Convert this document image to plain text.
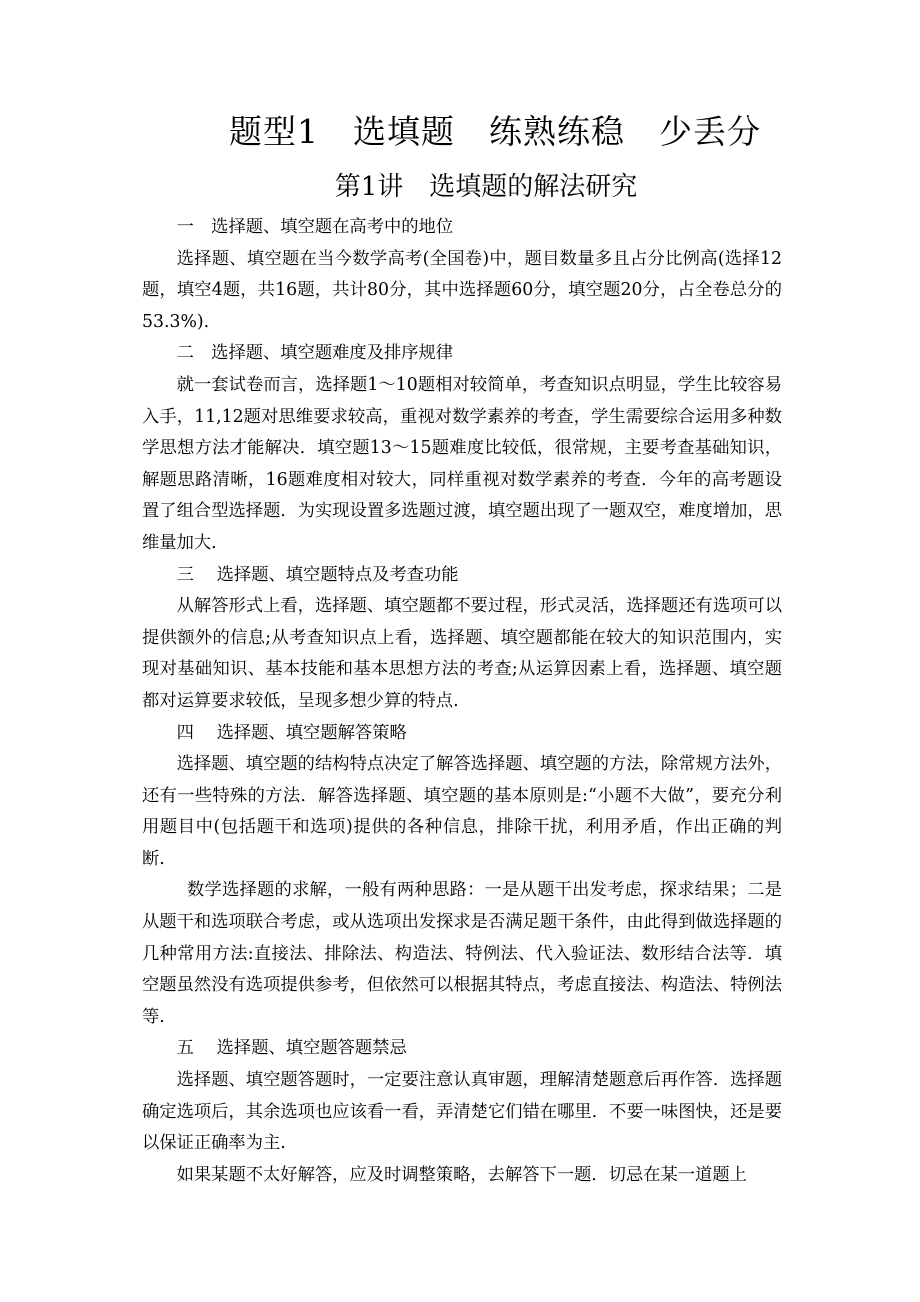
题型1　选填题　练熟练稳　少丢分
第1讲　选填题的解法研究

一　选择题、填空题在高考中的地位

选择题、填空题在当今数学高考(全国卷)中，题目数量多且占分比例高(选择12题，填空4题，共16题，共计80分，其中选择题60分，填空题20分，占全卷总分的53.3%).

二　选择题、填空题难度及排序规律

就一套试卷而言，选择题1～10题相对较简单，考查知识点明显，学生比较容易入手，11,12题对思维要求较高，重视对数学素养的考查，学生需要综合运用多种数学思想方法才能解决．填空题13～15题难度比较低，很常规，主要考查基础知识，解题思路清晰，16题难度相对较大，同样重视对数学素养的考查．今年的高考题设置了组合型选择题．为实现设置多选题过渡，填空题出现了一题双空，难度增加，思维量加大.

三　 选择题、填空题特点及考查功能

从解答形式上看，选择题、填空题都不要过程，形式灵活，选择题还有选项可以提供额外的信息;从考查知识点上看，选择题、填空题都能在较大的知识范围内，实现对基础知识、基本技能和基本思想方法的考查;从运算因素上看，选择题、填空题都对运算要求较低，呈现多想少算的特点.

四　 选择题、填空题解答策略

选择题、填空题的结构特点决定了解答选择题、填空题的方法，除常规方法外，还有一些特殊的方法．解答选择题、填空题的基本原则是:“小题不大做”，要充分利用题目中(包括题干和选项)提供的各种信息，排除干扰，利用矛盾，作出正确的判断.

数学选择题的求解，一般有两种思路：一是从题干出发考虑，探求结果；二是从题干和选项联合考虑，或从选项出发探求是否满足题干条件，由此得到做选择题的几种常用方法:直接法、排除法、构造法、特例法、代入验证法、数形结合法等．填空题虽然没有选项提供参考，但依然可以根据其特点，考虑直接法、构造法、特例法等.

五　 选择题、填空题答题禁忌

选择题、填空题答题时，一定要注意认真审题，理解清楚题意后再作答．选择题确定选项后，其余选项也应该看一看，弄清楚它们错在哪里．不要一味图快，还是要以保证正确率为主.

如果某题不太好解答，应及时调整策略，去解答下一题．切忌在某一道题上
